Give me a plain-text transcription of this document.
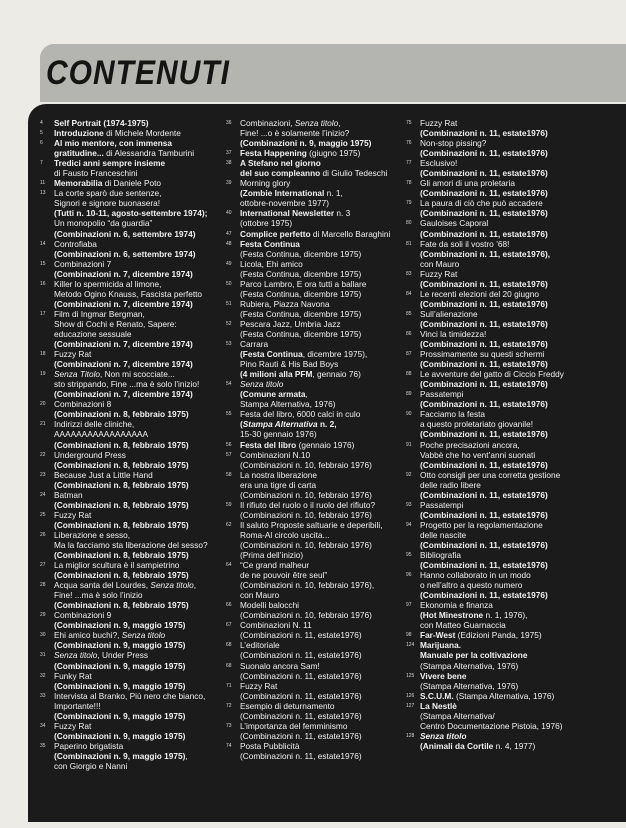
CONTENUTI
4	Self Portrait (1974-1975)
5	Introduzione di Michele Mordente
6	Al mio mentore, con immensa
gratitudine... di Alessandra Tamburini
7	Tredici anni sempre insieme
di Fausto Franceschini
11	Memorabilia di Daniele Poto
13	La corte sparò due sentenze,
Signori e signore buonasera!
(Tutti n. 10-11, agosto-settembre 1974);
Un monopolio “da guardia”
(Combinazioni n. 6, settembre 1974)
14	Controfiaba
(Combinazioni n. 6, settembre 1974)
15	Combinazioni 7
(Combinazioni n. 7, dicembre 1974)
16	Killer lo spermicida al limone,
Metodo Ogino Knauss, Fascista perfetto
(Combinazioni n. 7, dicembre 1974)
17	Film di Ingmar Bergman,
Show di Cochi e Renato, Sapere:
educazione sessuale
(Combinazioni n. 7, dicembre 1974)
18	Fuzzy Rat
(Combinazioni n. 7, dicembre 1974)
19	Senza Titolo, Non mi scocciate...
sto strippando, Fine ...ma è solo l’inizio!
(Combinazioni n. 7, dicembre 1974)
20	Combinazioni 8
(Combinazioni n. 8, febbraio 1975)
21	Indirizzi delle cliniche,
AAAAAAAAAAAAAAAAA
(Combinazioni n. 8, febbraio 1975)
22	Underground Press
(Combinazioni n. 8, febbraio 1975)
23	Because Just a Little Hand
(Combinazioni n. 8, febbraio 1975)
24	Batman
(Combinazioni n. 8, febbraio 1975)
25	Fuzzy Rat
(Combinazioni n. 8, febbraio 1975)
26	Liberazione e sesso,
Ma la facciamo sta liberazione del sesso?
(Combinazioni n. 8, febbraio 1975)
27	La miglior scultura è il sampietrino
(Combinazioni n. 8, febbraio 1975)
28	Acqua santa del Lourdes, Senza titolo,
Fine! ...ma è solo l’inizio
(Combinazioni n. 8, febbraio 1975)
29	Combinazioni 9
(Combinazioni n. 9, maggio 1975)
30	Ehi amico buchi?, Senza titolo
(Combinazioni n. 9, maggio 1975)
31	Senza titolo, Under Press
(Combinazioni n. 9, maggio 1975)
32	Funky Rat
(Combinazioni n. 9, maggio 1975)
33	Intervista al Branko, Più nero che bianco,
Importante!!!
(Combinazioni n. 9, maggio 1975)
34	Fuzzy Rat
(Combinazioni n. 9, maggio 1975)
35	Paperino brigatista
(Combinazioni n. 9, maggio 1975),
con Giorgio e Nanni
36	Combinazioni, Senza titolo,
Fine! ...o è solamente l’inizio?
(Combinazioni n. 9, maggio 1975)
37	Festa Happening (giugno 1975)
38	A Stefano nel giorno
del suo compleanno di Giulio Tedeschi
39	Morning glory
(Zombie International n. 1,
ottobre-novembre 1977)
40	International Newsletter n. 3
(ottobre 1975)
47	Complice perfetto di Marcello Baraghini
48	Festa Continua
(Festa Continua, dicembre 1975)
49	Licola, Ehi amico
(Festa Continua, dicembre 1975)
50	Parco Lambro, E ora tutti a ballare
(Festa Continua, dicembre 1975)
51	Rubiera, Piazza Navona
(Festa Continua, dicembre 1975)
52	Pescara Jazz, Umbria Jazz
(Festa Continua, dicembre 1975)
53	Carrara
(Festa Continua, dicembre 1975),
Pino Rauti & His Bad Boys
(4 milioni alla PFM, gennaio 76)
54	Senza titolo
(Comune armata,
Stampa Alternativa, 1976)
55	Festa del libro, 6000 calci in culo
(Stampa Alternativa n. 2,
15-30 gennaio 1976)
56	Festa del libro (gennaio 1976)
57	Combinazioni N.10
(Combinazioni n. 10, febbraio 1976)
58	La nostra liberazione
era una tigre di carta
(Combinazioni n. 10, febbraio 1976)
59	Il rifiuto del ruolo o il ruolo del rifiuto?
(Combinazioni n. 10, febbraio 1976)
62	Il saluto Proposte saltuarie e deperibili,
Roma-Al circolo uscita...
(Combinazioni n. 10, febbraio 1976)
(Prima dell’inizio)
64	“Ce grand malheur
de ne pouvoir être seul”
(Combinazioni n. 10, febbraio 1976),
con Mauro
66	Modelli balocchi
(Combinazioni n. 10, febbraio 1976)
67	Combinazioni N. 11
(Combinazioni n. 11, estate1976)
68	L’editoriale
(Combinazioni n. 11, estate1976)
68	Suonalo ancora Sam!
(Combinazioni n. 11, estate1976)
71	Fuzzy Rat
(Combinazioni n. 11, estate1976)
72	Esempio di deturnamento
(Combinazioni n. 11, estate1976)
73	L’importanza del femminismo
(Combinazioni n. 11, estate1976)
74	Posta Pubblicità
(Combinazioni n. 11, estate1976)
75	Fuzzy Rat
(Combinazioni n. 11, estate1976)
76	Non-stop pissing?
(Combinazioni n. 11, estate1976)
77	Esclusivo!
(Combinazioni n. 11, estate1976)
78	Gli amori di una proletaria
(Combinazioni n. 11, estate1976)
79	La paura di ciò che può accadere
(Combinazioni n. 11, estate1976)
80	Gauloises Caporal
(Combinazioni n. 11, estate1976)
81	Fate da soli il vostro ’68!
(Combinazioni n. 11, estate1976),
con Mauro
83	Fuzzy Rat
(Combinazioni n. 11, estate1976)
84	Le recenti elezioni del 20 giugno
(Combinazioni n. 11, estate1976)
85	Sull’alienazione
(Combinazioni n. 11, estate1976)
86	Vinci la timidezza!
(Combinazioni n. 11, estate1976)
87	Prossimamente su questi schermi
(Combinazioni n. 11, estate1976)
88	Le avventure del gatto di Ciccio Freddy
(Combinazioni n. 11, estate1976)
89	Passatempi
(Combinazioni n. 11, estate1976)
90	Facciamo la festa
a questo proletariato giovanile!
(Combinazioni n. 11, estate1976)
91	Poche precisazioni ancora,
Vabbè che ho vent’anni suonati
(Combinazioni n. 11, estate1976)
92	Otto consigli per una corretta gestione
delle radio libere
(Combinazioni n. 11, estate1976)
93	Passatempi
(Combinazioni n. 11, estate1976)
94	Progetto per la regolamentazione
delle nascite
(Combinazioni n. 11, estate1976)
95	Bibliografia
(Combinazioni n. 11, estate1976)
96	Hanno collaborato in un modo
o nell’altro a questo numero
(Combinazioni n. 11, estate1976)
97	Ekonomia e finanza
(Hot Minestrone n. 1, 1976),
con Matteo Guarnaccia
98	Far-West (Edizioni Panda, 1975)
124 Marijuana.
Manuale per la coltivazione
(Stampa Alternativa, 1976)
125 Vivere bene
(Stampa Alternativa, 1976)
126 S.C.U.M. (Stampa Alternativa, 1976)
127 La Nestlè
(Stampa Alternativa/
Centro Documentazione Pistoia, 1976)
128 Senza titolo
(Animali da Cortile n. 4, 1977)
